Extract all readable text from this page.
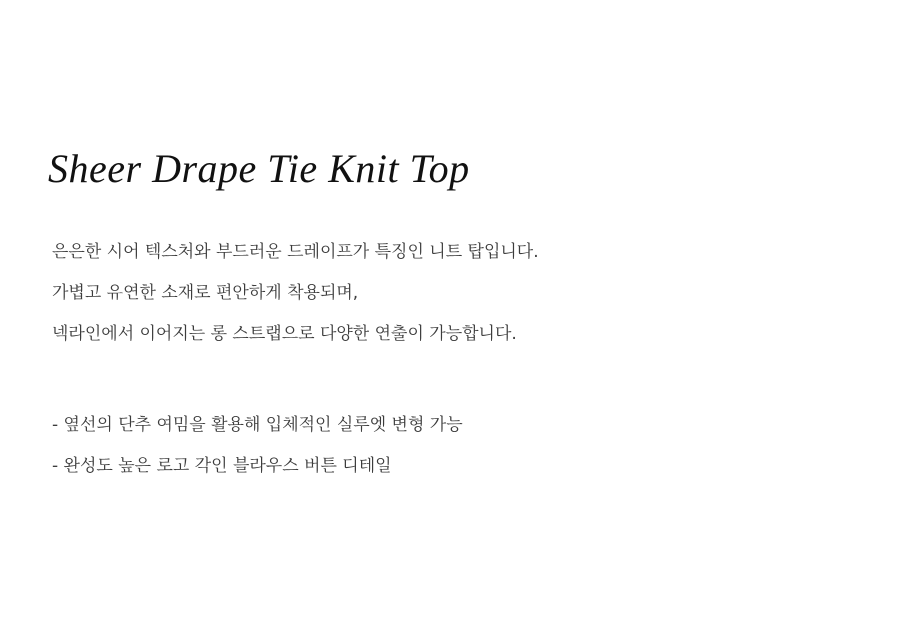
Sheer Drape Tie Knit Top
은은한 시어 텍스처와 부드러운 드레이프가 특징인 니트 탑입니다.
가볍고 유연한 소재로 편안하게 착용되며,
넥라인에서 이어지는 롱 스트랩으로 다양한 연출이 가능합니다.
- 옆선의 단추 여밈을 활용해 입체적인 실루엣 변형 가능
- 완성도 높은 로고 각인 블라우스 버튼 디테일
